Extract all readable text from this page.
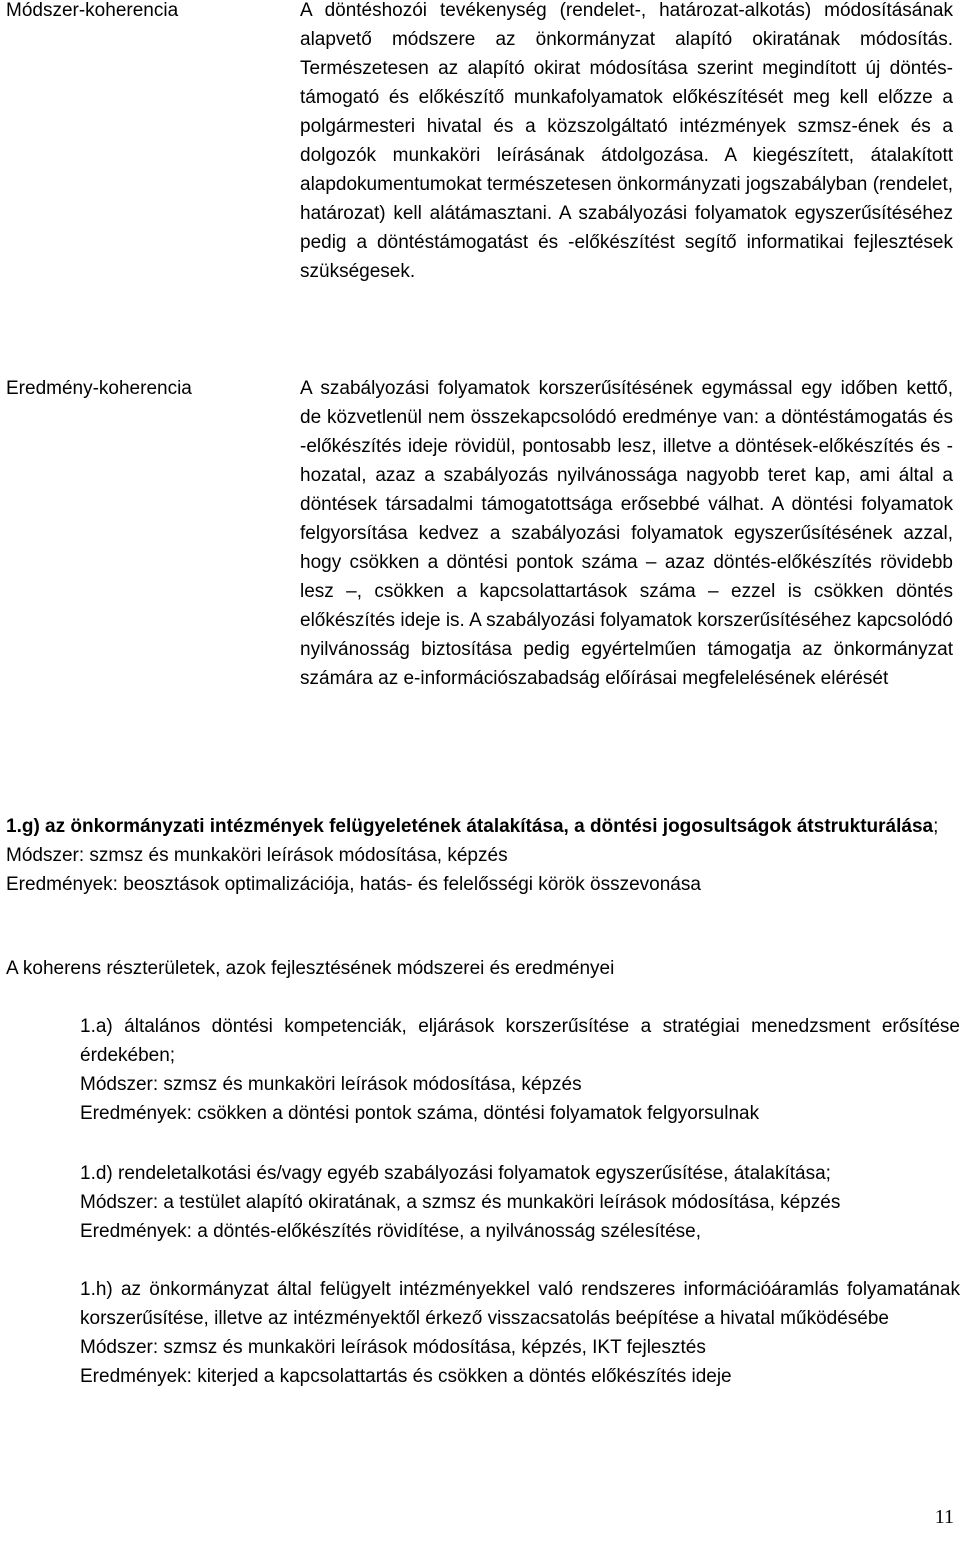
Módszer-koherencia	A döntéshozói tevékenység (rendelet-, határozat-alkotás) módosításának alapvető módszere az önkormányzat alapító okiratának módosítás. Természetesen az alapító okirat módosítása szerint megindított új döntés-támogató és előkészítő munkafolyamatok előkészítését meg kell előzze a polgármesteri hivatal és a közszolgáltató intézmények szmsz-ének és a dolgozók munkaköri leírásának átdolgozása. A kiegészített, átalakított alapdokumentumokat természetesen önkormányzati jogszabályban (rendelet, határozat) kell alátámasztani. A szabályozási folyamatok egyszerűsítéséhez pedig a döntéstámogatást és -előkészítést segítő informatikai fejlesztések szükségesek.
Eredmény-koherencia	A szabályozási folyamatok korszerűsítésének egymással egy időben kettő, de közvetlenül nem összekapcsolódó eredménye van: a döntéstámogatás és -előkészítés ideje rövidül, pontosabb lesz, illetve a döntések-előkészítés és -hozatal, azaz a szabályozás nyilvánossága nagyobb teret kap, ami által a döntések társadalmi támogatottsága erősebbé válhat. A döntési folyamatok felgyorsítása kedvez a szabályozási folyamatok egyszerűsítésének azzal, hogy csökken a döntési pontok száma – azaz döntés-előkészítés rövidebb lesz –, csökken a kapcsolattartások száma – ezzel is csökken döntés előkészítés ideje is. A szabályozási folyamatok korszerűsítéséhez kapcsolódó nyilvánosság biztosítása pedig egyértelműen támogatja az önkormányzat számára az e-információszabadság előírásai megfelelésének elérését
1.g) az önkormányzati intézmények felügyeletének átalakítása, a döntési jogosultságok átstrukturálása;
Módszer: szmsz és munkaköri leírások módosítása, képzés
Eredmények: beosztások optimalizációja, hatás- és felelősségi körök összevonása
A koherens részterületek, azok fejlesztésének módszerei és eredményei
1.a) általános döntési kompetenciák, eljárások korszerűsítése a stratégiai menedzsment erősítése érdekében;
Módszer: szmsz és munkaköri leírások módosítása, képzés
Eredmények: csökken a döntési pontok száma, döntési folyamatok felgyorsulnak
1.d) rendeletalkotási és/vagy egyéb szabályozási folyamatok egyszerűsítése, átalakítása;
Módszer: a testület alapító okiratának, a szmsz és munkaköri leírások módosítása, képzés
Eredmények: a döntés-előkészítés rövidítése, a nyilvánosság szélesítése,
1.h) az önkormányzat által felügyelt intézményekkel való rendszeres információáramlás folyamatának korszerűsítése, illetve az intézményektől érkező visszacsatolás beépítése a hivatal működésébe
Módszer: szmsz és munkaköri leírások módosítása, képzés, IKT fejlesztés
Eredmények: kiterjed a kapcsolattartás és csökken a döntés előkészítés ideje
11
